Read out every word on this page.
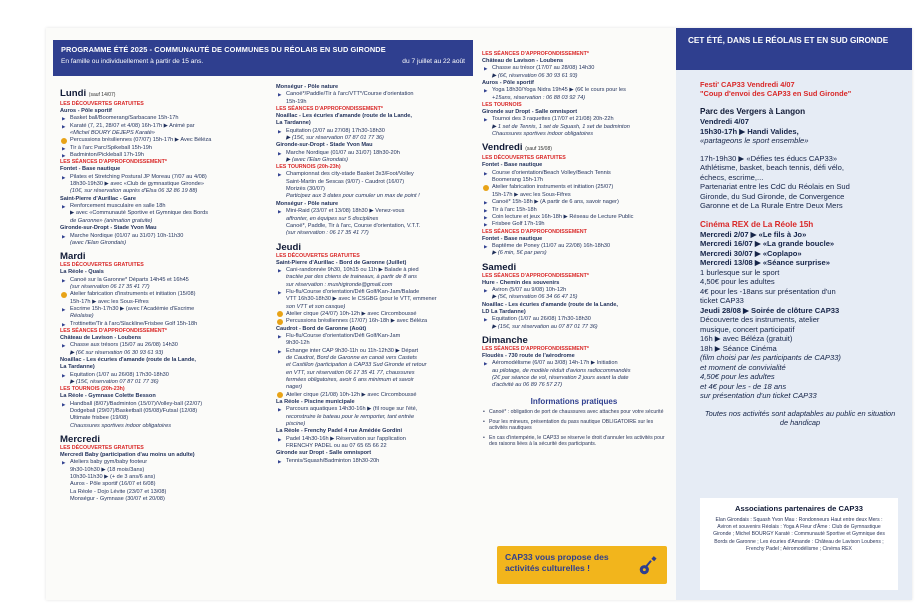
PROGRAMME ÉTÉ 2025 - COMMUNAUTÉ DE COMMUNES DU RÉOLAIS EN SUD GIRONDE
En famille ou individuellement à partir de 15 ans.	du 7 juillet au 22 août
Lundi (sauf 14/07)
LES DÉCOUVERTES GRATUITES
Auros - Pôle sportif
▶ Basket ball/Boomerang/Sarbacane 15h-17h
▶ Karaté (7, 21, 28/07 et 4/08) 16h-17h ▶ Animé par
«Michel BOURY DEJEPS Karaté»
Percussions brésiliennes (07/07) 15h-17h ▶ Avec Béléza
▶ Tir à l'arc Parc/Spikeball 15h-19h
▶ Badminton/Pickleball 17h-19h
LES SÉANCES D'APPROFONDISSEMENT*
Fontet - Base nautique
▶ Pilates et Stretching Postural JP Moreau (7/07 au 4/08)
18h30-19h30 ▶ avec «Club de gymnastique Gironde»
(10€, sur réservation auprès d'Elsa 06 32 86 19 88)
Saint-Pierre d'Aurillac - Gare
▶ Renforcement musculaire en salle 18h
▶ avec «Communauté Sportive et Gymnique des Bords
de Garonne» (animation gratuite)
Gironde-sur-Dropt - Stade Yvon Mau
▶ Marche Nordique (01/07 au 31/07) 10h-11h30
(avec l'Elan Girondais)
Mardi
LES DÉCOUVERTES GRATUITES
La Réole - Quais
▶ Canoë sur la Garonne* Départs 14h45 et 16h45
(sur réservation 06 17 35 41 77)
Atelier fabrication d'instruments et initiation (15/08)
15h-17h ▶ avec les Sous-Fifres
▶ Escrime 15h-17h30 ▶ (avec l'Académie d'Escrime
Réolaise)
▶ Trottinette/Tir à l'arc/Slackline/Frisbee Golf 15h-18h
LES SÉANCES D'APPROFONDISSEMENT*
Château de Lavison - Loubens
▶ Chasse aux trésors (15/07 au 26/08) 14h30
▶ (6€ sur réservation 06 30 93 61 93)
Noaillac - Les écuries d'amande (route de la Lande,
La Tardanne)
▶ Équitation (1/07 au 26/08) 17h30-18h30
▶ (15€, réservation 07 87 01 77 36)
LES TOURNOIS (20h-23h)
La Réole - Gymnase Colette Besson
▶ Handball (8/07)/Badminton (15/07)/Volley-ball (22/07)
Dodgeball (29/07)/Basketball (05/08)/Futsal (12/08)
Ultimate frisbee (19/08)
Chaussures sportives indoor obligatoires
Mercredi
LES DÉCOUVERTES GRATUITES
Mercredi Baby (participation d'au moins un adulte)
▶ Ateliers baby gym/baby footeur
9h30-10h30 ▶ (18 mois/3ans)
10h30-11h30 ▶ (+ de 3 ans/6 ans)
Auros - Pôle sportif (16/07 et 6/08)
La Réole - Dojo Lévite (23/07 et 13/08)
Monségur - Gymnase (30/07 et 20/08)
Monségur - Pôle nature
▶ Canoë*/Paddle/Tir à l'arc/VTT*/Course d'orientation
15h-19h
LES SÉANCES D'APPROFONDISSEMENT*
Noaillac - Les écuries d'amande (route de la Lande,
La Tardanne)
▶ Équitation (2/07 au 27/08) 17h30-18h30
▶ (15€, sur réservation 07 87 01 77 36)
Gironde-sur-Dropt - Stade Yvon Mau
▶ Marche Nordique (01/07 au 31/07) 18h30-20h
▶ (avec l'Elan Girondais)
LES TOURNOIS (20h-23h)
▶ Championnat des city-stade Basket 3x3/Foot/Volley
Saint-Martin de Sescas (9/07) - Caudrot (16/07)
Morizès (30/07)
Participez aux 3 dates pour cumuler un max de point !
Monségur - Pôle nature
▶ Mini-Raid (23/07 et 13/08) 18h30 ▶ Venez-vous
affronter, en équipes sur 5 disciplines
Canoë*, Paddle, Tir à l'arc, Course d'orientation, V.T.T.
(sur réservation : 06 17 35 41 77)
Jeudi
LES DÉCOUVERTES GRATUITES
Saint-Pierre d'Aurillac - Bord de Garonne (Juillet)
▶ Cani-randonnée 9h30, 10h15 ou 11h ▶ Balade à pied
tractée par des chiens de traineaux, à partir de 8 ans
sur réservation : mushigironde@gmail.com
▶ Flu-flu/Course d'orientation/Défi Golf/Kan-Jam/Balade
VTT 16h30-18h30 ▶ avec le CSGBG (pour le VTT, emmener
son VTT et son casque)
Atelier cirque (24/07) 10h-12h ▶ avec Circomboussé
Percussions brésiliennes (17/07) 16h-18h ▶ avec Béléza
Caudrot - Bord de Garonne (Août)
▶ Flu-flu/Course d'orientation/Défi Golf/Kan-Jam
9h30-12h
▶ Échange inter CAP 9h30-11h ou 11h-12h30 ▶ Départ
de Caudrot, Bord de Garonne en canoë vers Castets
et Castillon (participation à CAP33 Sud Gironde et retour
en VTT, sur réservation 06 17 35 41 77, chaussures
fermées obligatoires, avoir 6 ans minimum et savoir
nager)
Atelier cirque (21/08) 10h-12h ▶ avec Circomboussé
La Réole - Piscine municipale
▶ Parcours aquatiques 14h30-16h ▶ (fil rouge sur l'été,
reconstruire le bateau pour le remporter, tant entrée
piscine)
La Réole - Frenchy Padel 4 rue Amédée Gordini
▶ Padel 14h30-16h ▶ Réservation sur l'application
FRENCHY PADEL ou au 07 65 65 66 22
Gironde sur Dropt - Salle omnisport
▶ Tennis/Squash/Badminton 18h30-20h
LES SÉANCES D'APPROFONDISSEMENT*
Château de Lavison - Loubens
▶ Chasse au trésor (17/07 au 28/08) 14h30
▶ (6€, réservation 06 30 93 61 93)
Auros - Pôle sportif
▶ Yoga 18h30/Yoga Nidra 19h45 ▶ (6€ le cours pour les
+15ans, réservation : 06 88 03 92 74)
LES TOURNOIS
Gironde sur Dropt - Salle omnisport
▶ Tournoi des 3 raquettes (17/07 et 21/08) 20h-22h
▶ 1 set de Tennis, 1 set de Squash, 1 set de badminton
Chaussures sportives indoor obligatoires
Vendredi (sauf 15/08)
LES DÉCOUVERTES GRATUITES
Fontet - Base nautique
▶ Course d'orientation/Beach Volley/Beach Tennis
Boomerang 15h-17h
Atelier fabrication instruments et initiation (25/07)
15h-17h ▶ avec les Sous-Fifres
▶ Canoë* 15h-18h ▶ (À partir de 6 ans, savoir nager)
▶ Tir à l'arc 15h-18h
▶ Coin lecture et jeux 16h-18h ▶ Réseau de Lecture Public
▶ Frisbee Golf 17h-19h
LES SÉANCES D'APPROFONDISSEMENT
Fontet - Base nautique
▶ Baptême de Poney (11/07 au 22/08) 16h-18h30
▶ (6 min, 5€ par pers)
Samedi
LES SÉANCES D'APPROFONDISSEMENT*
Hure - Chemin des souvenirs
▶ Aviron (5/07 au 9/08) 10h-12h
▶ (5€, réservation 06 34 66 47 15)
Noaillac - Les écuries d'amande (route de la Lande,
LD La Tardanne)
▶ Équitation (1/07 au 26/08) 17h30-18h30
▶ (15€, sur réservation au 07 87 01 77 36)
Dimanche
LES SÉANCES D'APPROFONDISSEMENT*
Floudès - 730 route de l'aérodrome
▶ Aéromodélisme (6/07 au 3/08) 14h-17h ▶ Initiation
au pilotage, de modèle réduit d'avions radiocommandés
(2€ par séance de vol, réservation 2 jours avant la date
d'activité au 06 89 76 57 27)
Informations pratiques

• Canoë* : obligation de port de chaussures avec attaches pour votre sécurité

• Pour les mineurs, présentation du pass nautique OBLIGATOIRE sur les activités nautiques

• En cas d'intempérie, le CAP33 se réserve le droit d'annuler les activités pour des raisons liées à la sécurité des participants.

CAP33 vous propose des activités culturelles !
CET ÉTÉ, DANS LE RÉOLAIS ET EN SUD GIRONDE

Festi' CAP33 Vendredi 4/07

"Coup d'envoi des CAP33 en Sud Gironde"

Parc des Vergers à Langon

Vendredi 4/07

15h30-17h ▶ Handi Valides,

«partageons le sport ensemble»

17h-19h30 ▶ «Défies tes éducs CAP33»

Athlétisme, basket, beach tennis, défi vélo,

échecs, escrime,...

Partenariat entre les CdC du Réolais en Sud

Gironde, du Sud Gironde, de Convergence

Garonne et de La Rurale Entre Deux Mers

Cinéma REX de La Réole 15h

Mercredi 2/07 ▶ «Le fils à Jo»

Mercredi 16/07 ▶ «La grande boucle»

Mercredi 30/07 ▶ «Coplapo»

Mercredi 13/08 ▶ «Séance surprise»

1 burlesque sur le sport

4,50€ pour les adultes

4€ pour les -18ans sur présentation d'un

ticket CAP33

Jeudi 28/08 ▶ Soirée de clôture CAP33

Découverte des instruments, atelier

musique, concert participatif

16h ▶ avec Béléza (gratuit)

18h ▶ Séance Cinéma

(film choisi par les participants de CAP33)

et moment de convivialité

4,50€ pour les adultes

et 4€ pour les - de 18 ans

sur présentation d'un ticket CAP33

Toutes nos activités sont adaptables au public en situation de handicap

Associations partenaires de CAP33
Elan Girondais : Squash Yvon Mau : Rondonneurs Haut entre deux Mers : Aviron et souvenirs Réolais : Yoga A Fleur d'Âme : Club de Gymnastique Gironde ; Michel BOURGY Karaté : Communauté Sportive et Gymnique des Bords de Garonne ; Les écuries d'Amande : Château de Lavison Loubens ; Frenchy Padel ; Aéromodélisme ; Cinéma REX
